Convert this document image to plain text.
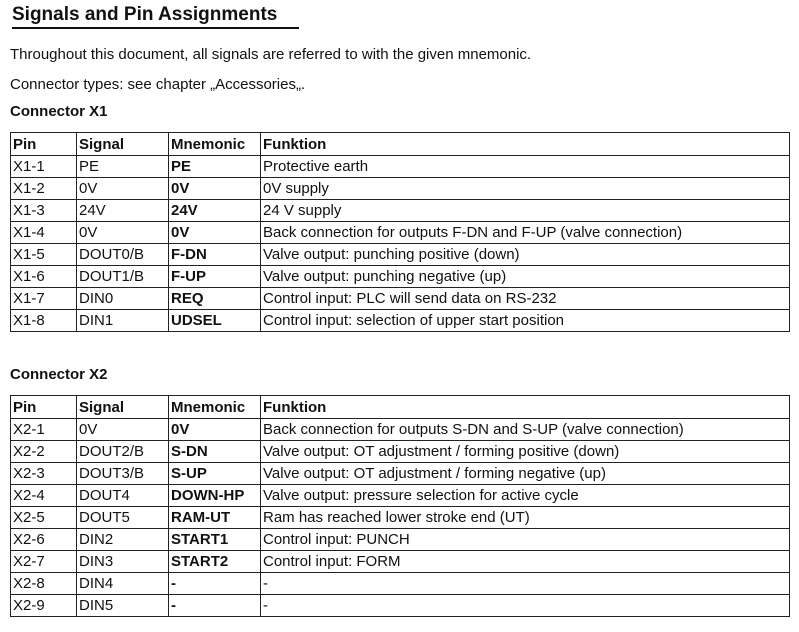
Signals and Pin Assignments
Throughout this document, all signals are referred to with the given mnemonic.
Connector types: see chapter „Accessories„.
Connector X1
Pin	Signal	Mnemonic	Funktion
X1-1	PE	PE	Protective earth
X1-2	0V	0V	0V supply
X1-3	24V	24V	24 V supply
X1-4	0V	0V	Back connection for outputs F-DN and F-UP (valve connection)
X1-5	DOUT0/B	F-DN	Valve output: punching positive (down)
X1-6	DOUT1/B	F-UP	Valve output: punching negative (up)
X1-7	DIN0	REQ	Control input: PLC will send data on RS-232
X1-8	DIN1	UDSEL	Control input: selection of upper start position
Connector X2
Pin	Signal	Mnemonic	Funktion
X2-1	0V	0V	Back connection for outputs S-DN and S-UP (valve connection)
X2-2	DOUT2/B	S-DN	Valve output: OT adjustment / forming positive (down)
X2-3	DOUT3/B	S-UP	Valve output: OT adjustment / forming negative (up)
X2-4	DOUT4	DOWN-HP	Valve output: pressure selection for active cycle
X2-5	DOUT5	RAM-UT	Ram has reached lower stroke end (UT)
X2-6	DIN2	START1	Control input: PUNCH
X2-7	DIN3	START2	Control input: FORM
X2-8	DIN4	-	-
X2-9	DIN5	-	-
